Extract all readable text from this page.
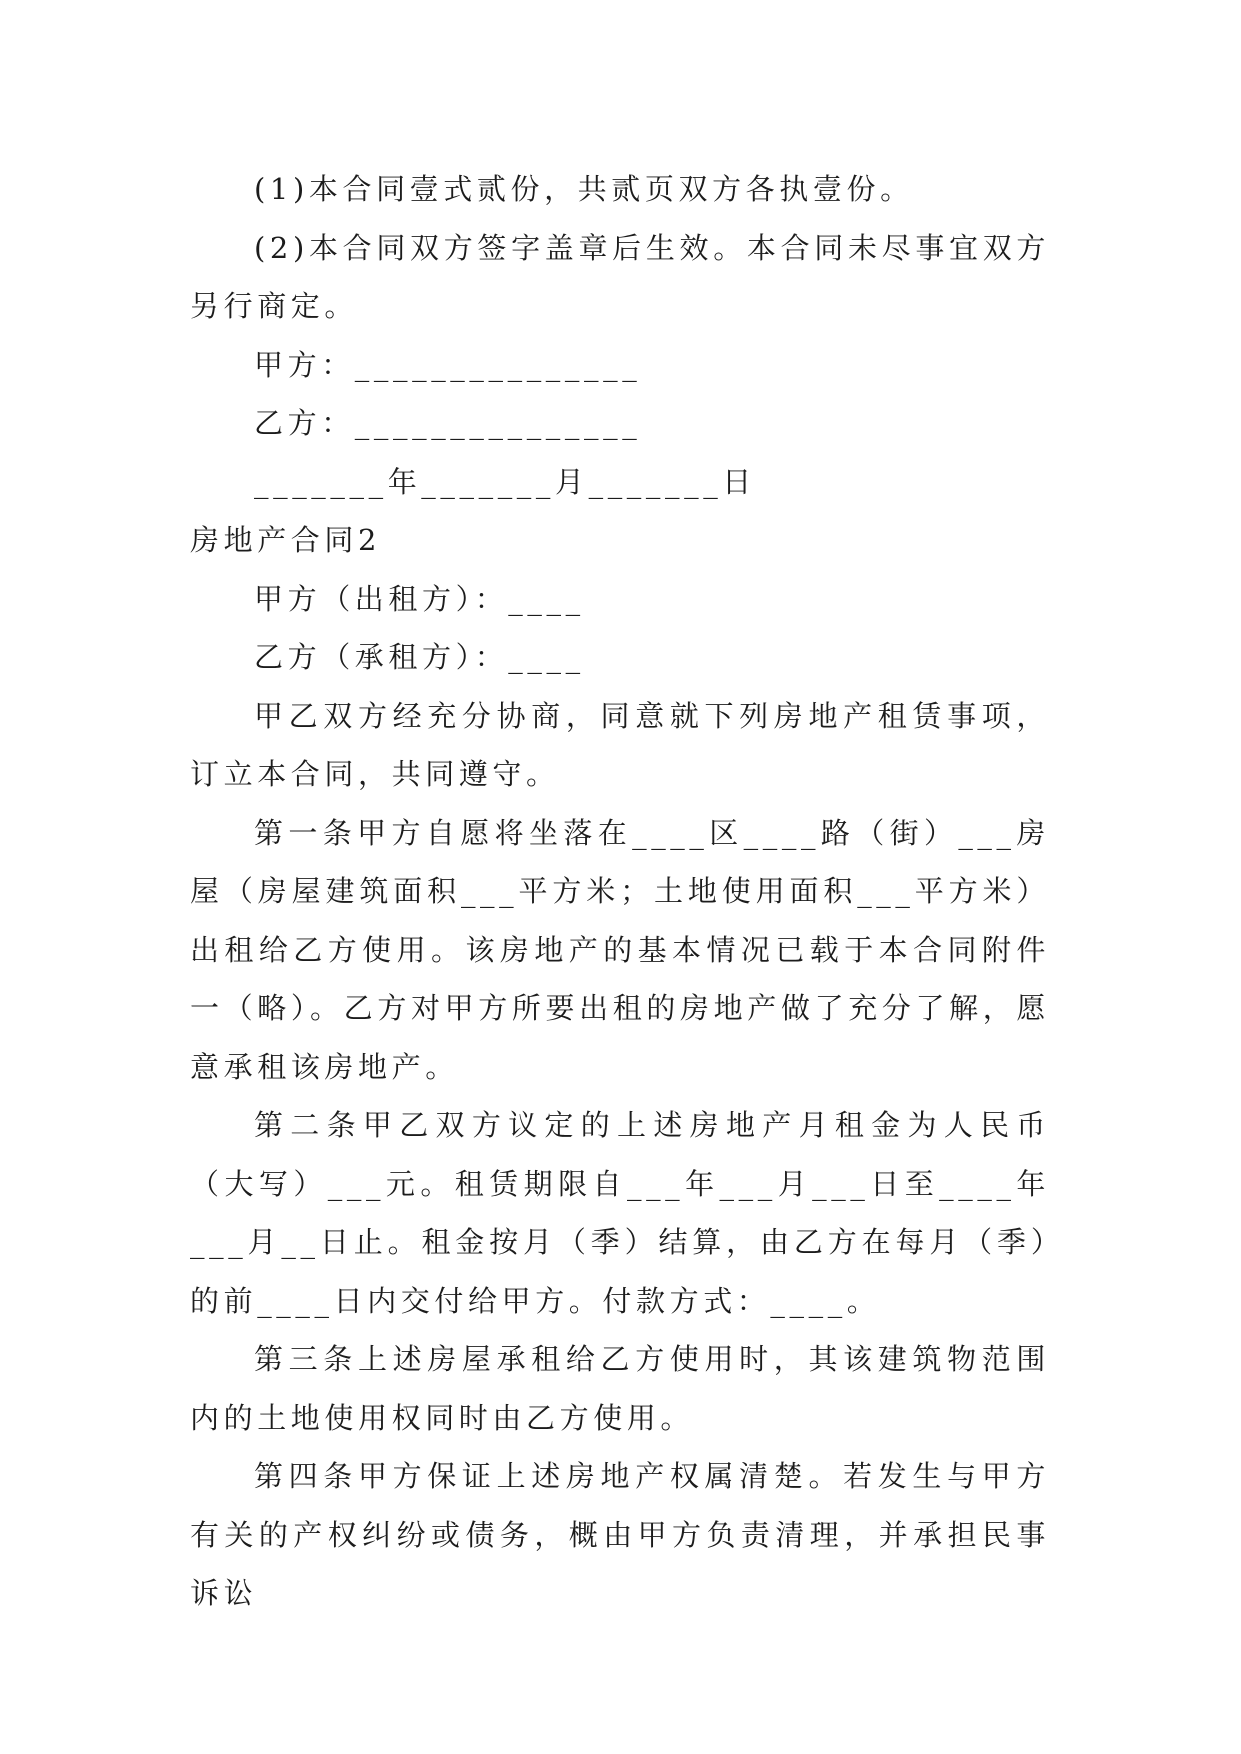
(1)本合同壹式贰份，共贰页双方各执壹份。

(2)本合同双方签字盖章后生效。本合同未尽事宜双方另行商定。

甲方：_______________

乙方：_______________

_______年_______月_______日

房地产合同2

甲方（出租方）：____

乙方（承租方）：____

甲乙双方经充分协商，同意就下列房地产租赁事项，订立本合同，共同遵守。

第一条甲方自愿将坐落在____区____路（街）___房屋（房屋建筑面积___平方米；土地使用面积___平方米）出租给乙方使用。该房地产的基本情况已载于本合同附件一（略）。乙方对甲方所要出租的房地产做了充分了解，愿意承租该房地产。

第二条甲乙双方议定的上述房地产月租金为人民币（大写）___元。租赁期限自___年___月___日至____年___月__日止。租金按月（季）结算，由乙方在每月（季）的前____日内交付给甲方。付款方式：____。

第三条上述房屋承租给乙方使用时，其该建筑物范围内的土地使用权同时由乙方使用。

第四条甲方保证上述房地产权属清楚。若发生与甲方有关的产权纠纷或债务，概由甲方负责清理，并承担民事诉讼
